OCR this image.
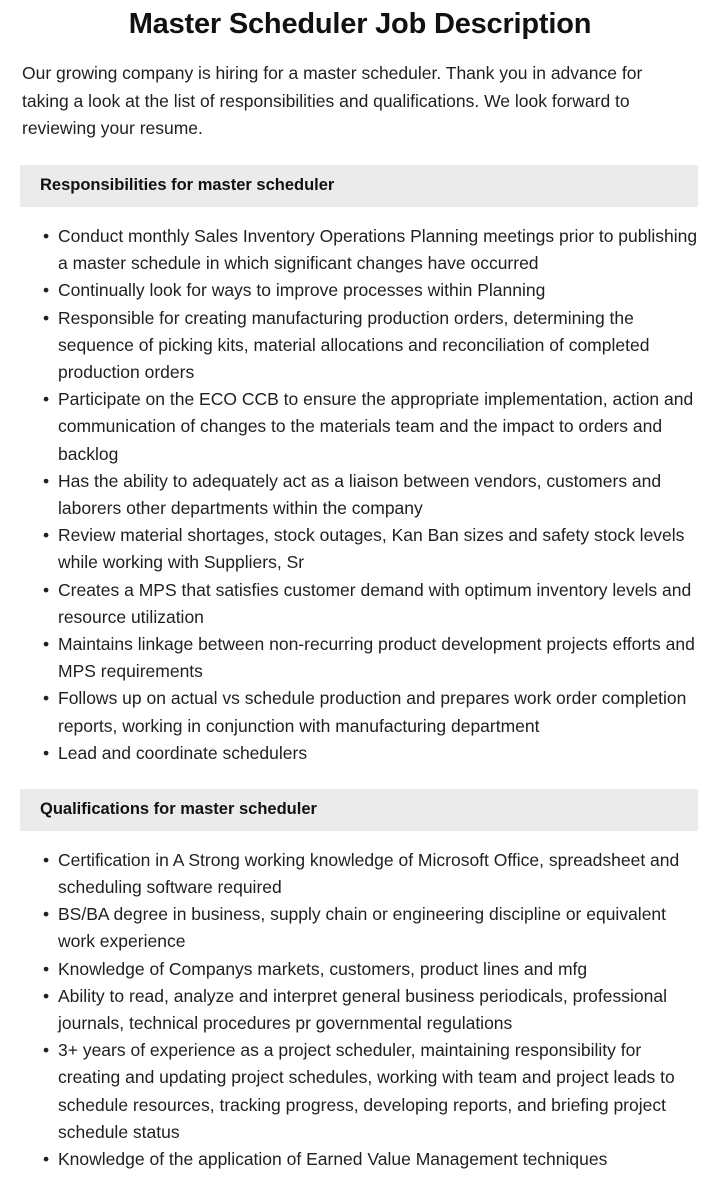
Master Scheduler Job Description

Our growing company is hiring for a master scheduler. Thank you in advance for taking a look at the list of responsibilities and qualifications. We look forward to reviewing your resume.

Responsibilities for master scheduler
• Conduct monthly Sales Inventory Operations Planning meetings prior to publishing a master schedule in which significant changes have occurred
• Continually look for ways to improve processes within Planning
• Responsible for creating manufacturing production orders, determining the sequence of picking kits, material allocations and reconciliation of completed production orders
• Participate on the ECO CCB to ensure the appropriate implementation, action and communication of changes to the materials team and the impact to orders and backlog
• Has the ability to adequately act as a liaison between vendors, customers and laborers other departments within the company
• Review material shortages, stock outages, Kan Ban sizes and safety stock levels while working with Suppliers, Sr
• Creates a MPS that satisfies customer demand with optimum inventory levels and resource utilization
• Maintains linkage between non-recurring product development projects efforts and MPS requirements
• Follows up on actual vs schedule production and prepares work order completion reports, working in conjunction with manufacturing department
• Lead and coordinate schedulers
Qualifications for master scheduler
• Certification in A Strong working knowledge of Microsoft Office, spreadsheet and scheduling software required
• BS/BA degree in business, supply chain or engineering discipline or equivalent work experience
• Knowledge of Companys markets, customers, product lines and mfg
• Ability to read, analyze and interpret general business periodicals, professional journals, technical procedures pr governmental regulations
• 3+ years of experience as a project scheduler, maintaining responsibility for creating and updating project schedules, working with team and project leads to schedule resources, tracking progress, developing reports, and briefing project schedule status
• Knowledge of the application of Earned Value Management techniques
